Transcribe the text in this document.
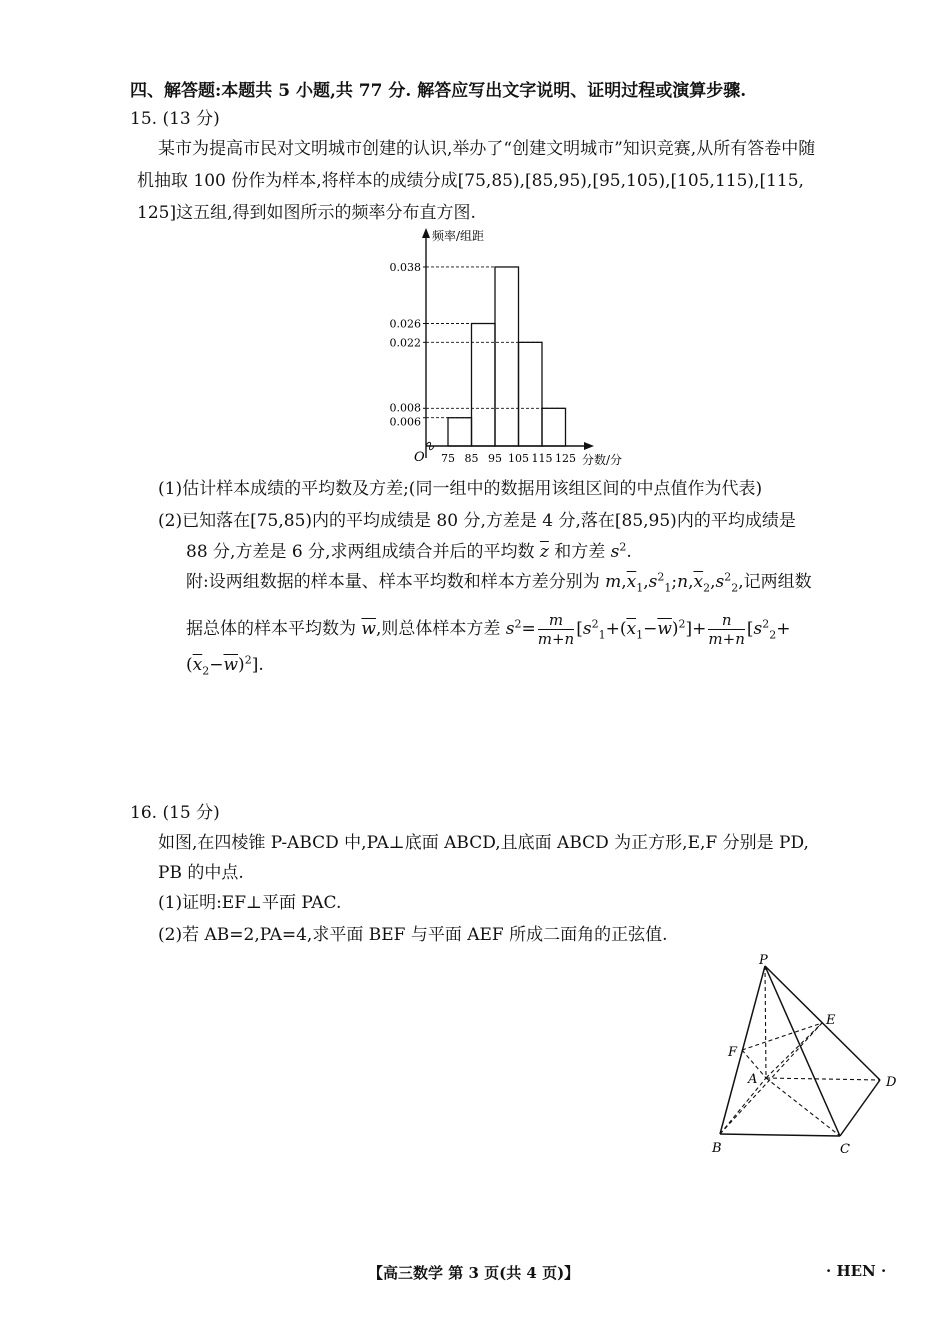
四、解答题:本题共 5 小题,共 77 分. 解答应写出文字说明、证明过程或演算步骤.
15. (13 分)
某市为提高市民对文明城市创建的认识,举办了“创建文明城市”知识竞赛,从所有答卷中随
机抽取 100 份作为样本,将样本的成绩分成[75,85),[85,95),[95,105),[105,115),[115,
125]这五组,得到如图所示的频率分布直方图.
0.038
0.026
0.022
0.008
0.006
75 85 95 105 115 125
频率/组距
O	分数/分
(1)估计样本成绩的平均数及方差;(同一组中的数据用该组区间的中点值作为代表)
(2)已知落在[75,85)内的平均成绩是 80 分,方差是 4 分,落在[85,95)内的平均成绩是
88 分,方差是 6 分,求两组成绩合并后的平均数 $\overline{z}$ 和方差 $s^2$.
附:设两组数据的样本量、样本平均数和样本方差分别为 $m,\overline{x}_1,s^2_1;n,\overline{x}_2,s^2_2$,记两组数
据总体的样本平均数为 $\overline{w}$,则总体样本方差 $s^2= \frac{m}{m+n} [s^2_1+(\overline{x}_1-\overline{w})^2]+ \frac{n}{m+n} [s^2_2+$
$(\overline{x}_2-\overline{w})^2$].
16. (15 分)
如图,在四棱锥 P-ABCD 中,PA⊥底面 ABCD,且底面 ABCD 为正方形,E,F 分别是 PD,
PB 的中点.
(1)证明:EF⊥平面 PAC.
(2)若 AB=2,PA=4,求平面 BEF 与平面 AEF 所成二面角的正弦值.
P
E
F
A	D
B	C
【高三数学 第 3 页(共 4 页)】	· HEN ·
